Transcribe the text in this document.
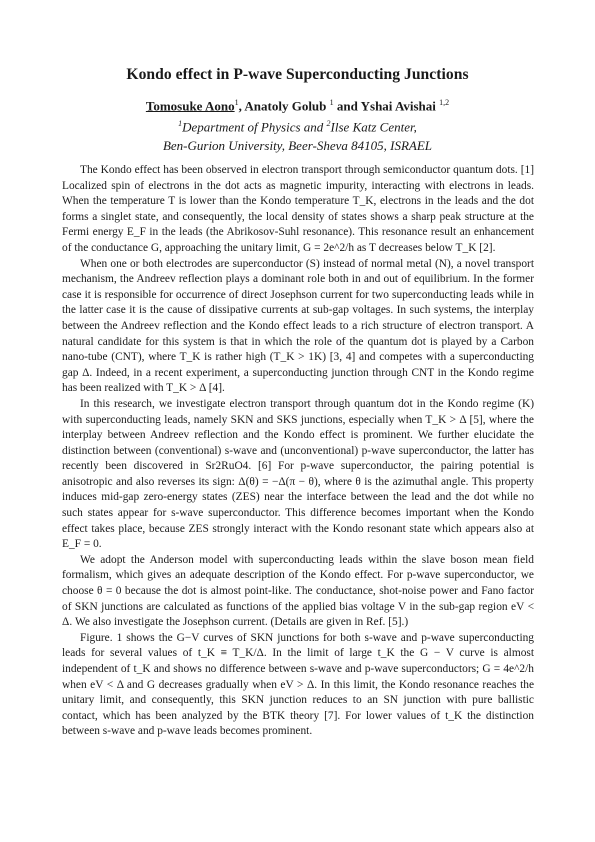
Kondo effect in P-wave Superconducting Junctions
Tomosuke Aono$^1$, Anatoly Golub $^1$ and Yshai Avishai $^{1,2}$
$^1$Department of Physics and $^2$Ilse Katz Center,
Ben-Gurion University, Beer-Sheva 84105, ISRAEL

The Kondo effect has been observed in electron transport through semiconductor quantum dots. [1] Localized spin of electrons in the dot acts as magnetic impurity, interacting with electrons in leads. When the temperature T is lower than the Kondo temperature T_K, electrons in the leads and the dot forms a singlet state, and consequently, the local density of states shows a sharp peak structure at the Fermi energy E_F in the leads (the Abrikosov-Suhl resonance). This resonance result an enhancement of the conductance G, approaching the unitary limit, G = 2e^2/h as T decreases below T_K [2].

When one or both electrodes are superconductor (S) instead of normal metal (N), a novel transport mechanism, the Andreev reflection plays a dominant role both in and out of equilibrium. In the former case it is responsible for occurrence of direct Josephson current for two superconducting leads while in the latter case it is the cause of dissipative currents at sub-gap voltages. In such systems, the interplay between the Andreev reflection and the Kondo effect leads to a rich structure of electron transport. A natural candidate for this system is that in which the role of the quantum dot is played by a Carbon nano-tube (CNT), where T_K is rather high (T_K > 1K) [3, 4] and competes with a superconducting gap Δ. Indeed, in a recent experiment, a superconducting junction through CNT in the Kondo regime has been realized with T_K > Δ [4].

In this research, we investigate electron transport through quantum dot in the Kondo regime (K) with superconducting leads, namely SKN and SKS junctions, especially when T_K > Δ [5], where the interplay between Andreev reflection and the Kondo effect is prominent. We further elucidate the distinction between (conventional) s-wave and (unconventional) p-wave superconductor, the latter has recently been discovered in Sr2RuO4. [6] For p-wave superconductor, the pairing potential is anisotropic and also reverses its sign: Δ(θ) = −Δ(π − θ), where θ is the azimuthal angle. This property induces mid-gap zero-energy states (ZES) near the interface between the lead and the dot while no such states appear for s-wave superconductor. This difference becomes important when the Kondo effect takes place, because ZES strongly interact with the Kondo resonant state which appears also at E_F = 0.

We adopt the Anderson model with superconducting leads within the slave boson mean field formalism, which gives an adequate description of the Kondo effect. For p-wave superconductor, we choose θ = 0 because the dot is almost point-like. The conductance, shot-noise power and Fano factor of SKN junctions are calculated as functions of the applied bias voltage V in the sub-gap region eV < Δ. We also investigate the Josephson current. (Details are given in Ref. [5].)

Figure. 1 shows the G−V curves of SKN junctions for both s-wave and p-wave superconducting leads for several values of t_K ≡ T_K/Δ. In the limit of large t_K the G − V curve is almost independent of t_K and shows no difference between s-wave and p-wave superconductors; G = 4e^2/h when eV < Δ and G decreases gradually when eV > Δ. In this limit, the Kondo resonance reaches the unitary limit, and consequently, this SKN junction reduces to an SN junction with pure ballistic contact, which has been analyzed by the BTK theory [7]. For lower values of t_K the distinction between s-wave and p-wave leads becomes prominent.
